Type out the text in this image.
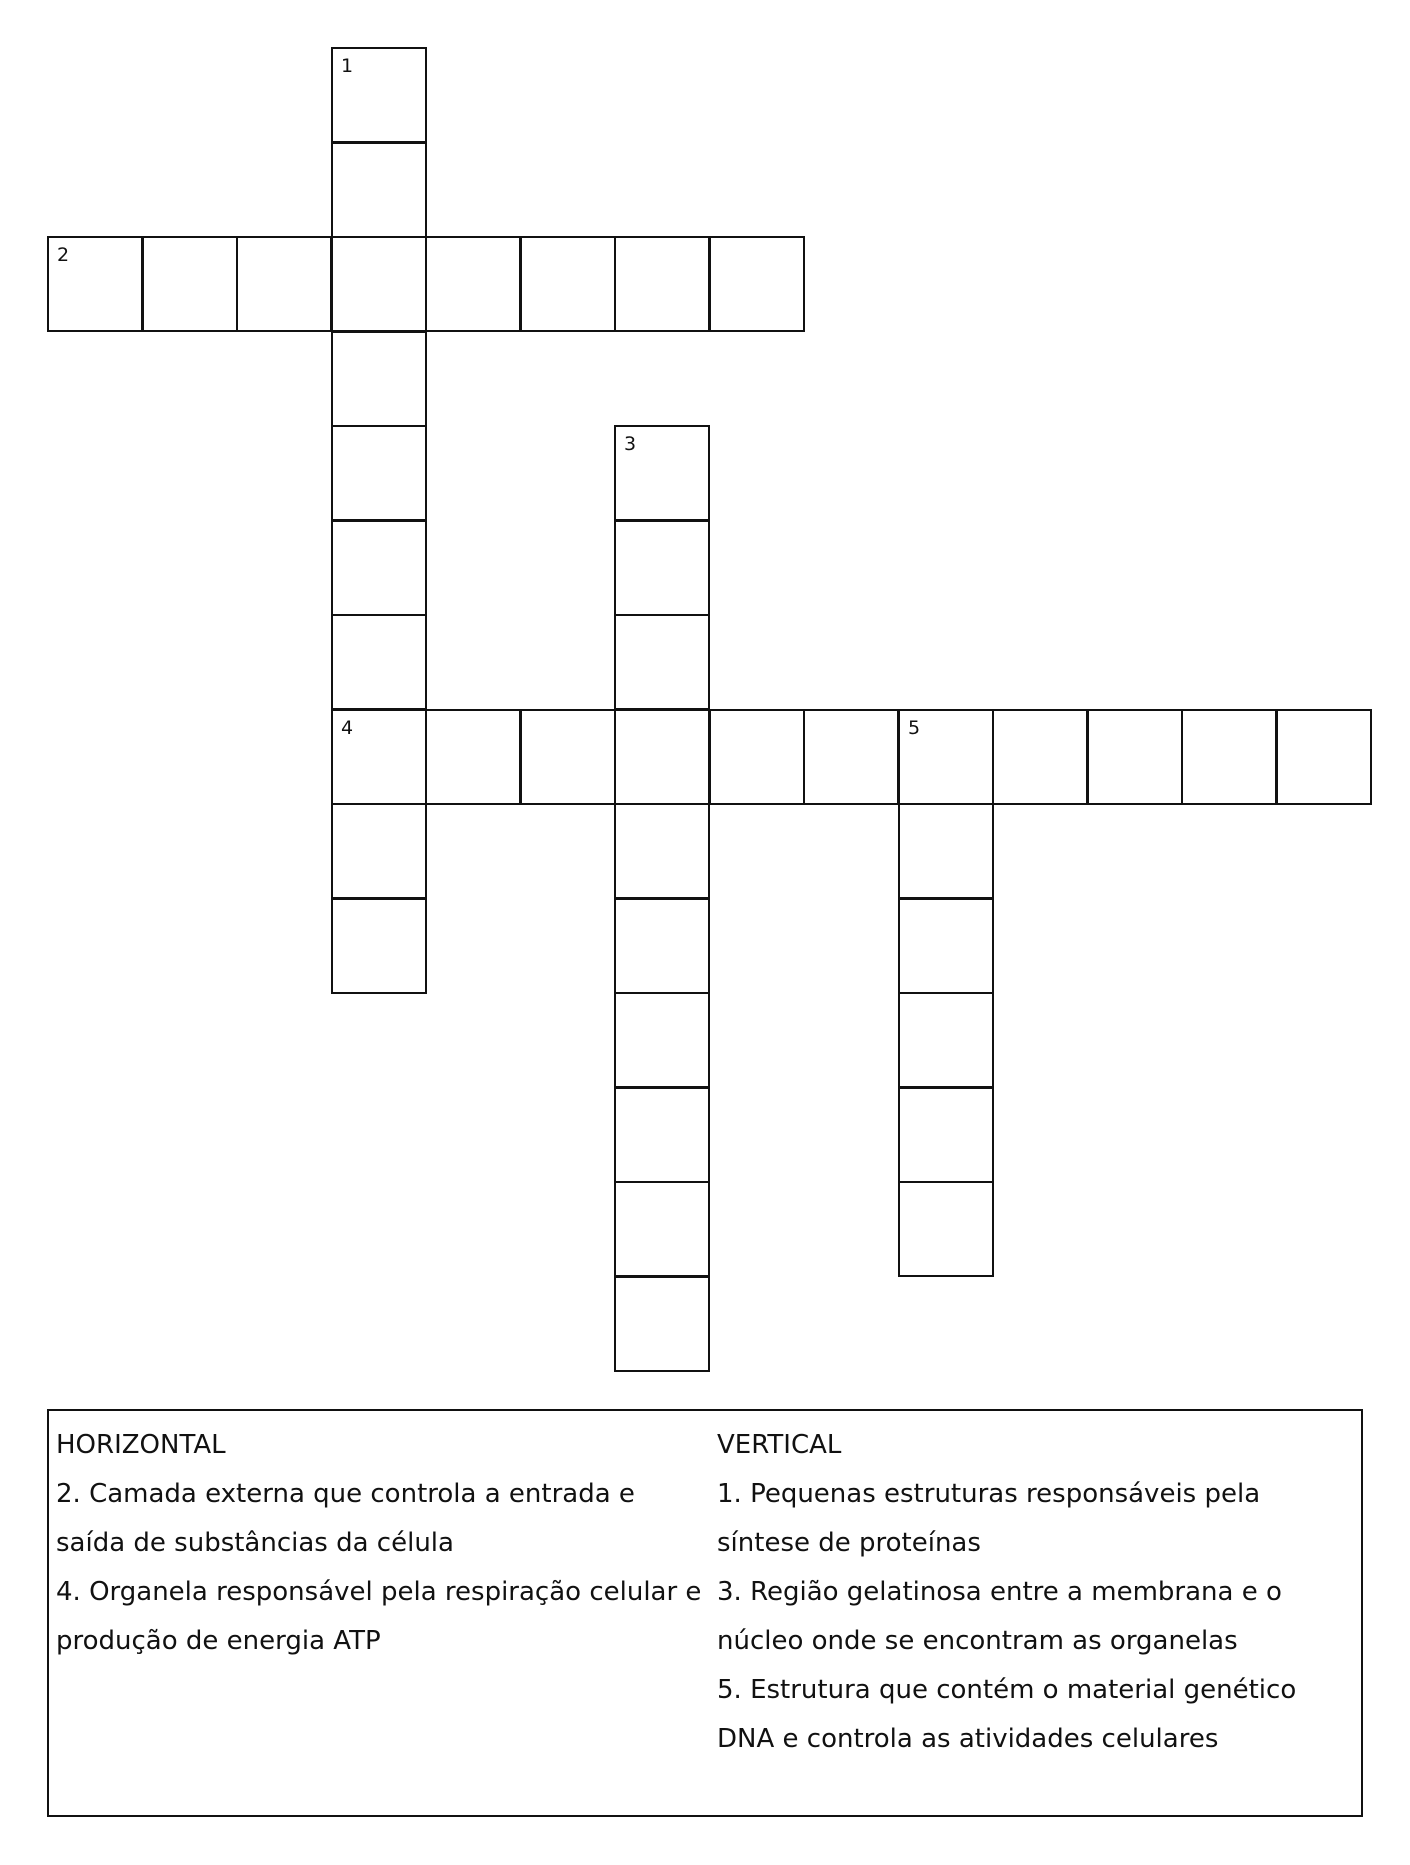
1
4
2
3
5
HORIZONTAL
2. Camada externa que controla a entrada e saída de substâncias da célula
4. Organela responsável pela respiração celular e produção de energia ATP
VERTICAL
1. Pequenas estruturas responsáveis pela síntese de proteínas
3. Região gelatinosa entre a membrana e o núcleo onde se encontram as organelas
5. Estrutura que contém o material genético DNA e controla as atividades celulares
